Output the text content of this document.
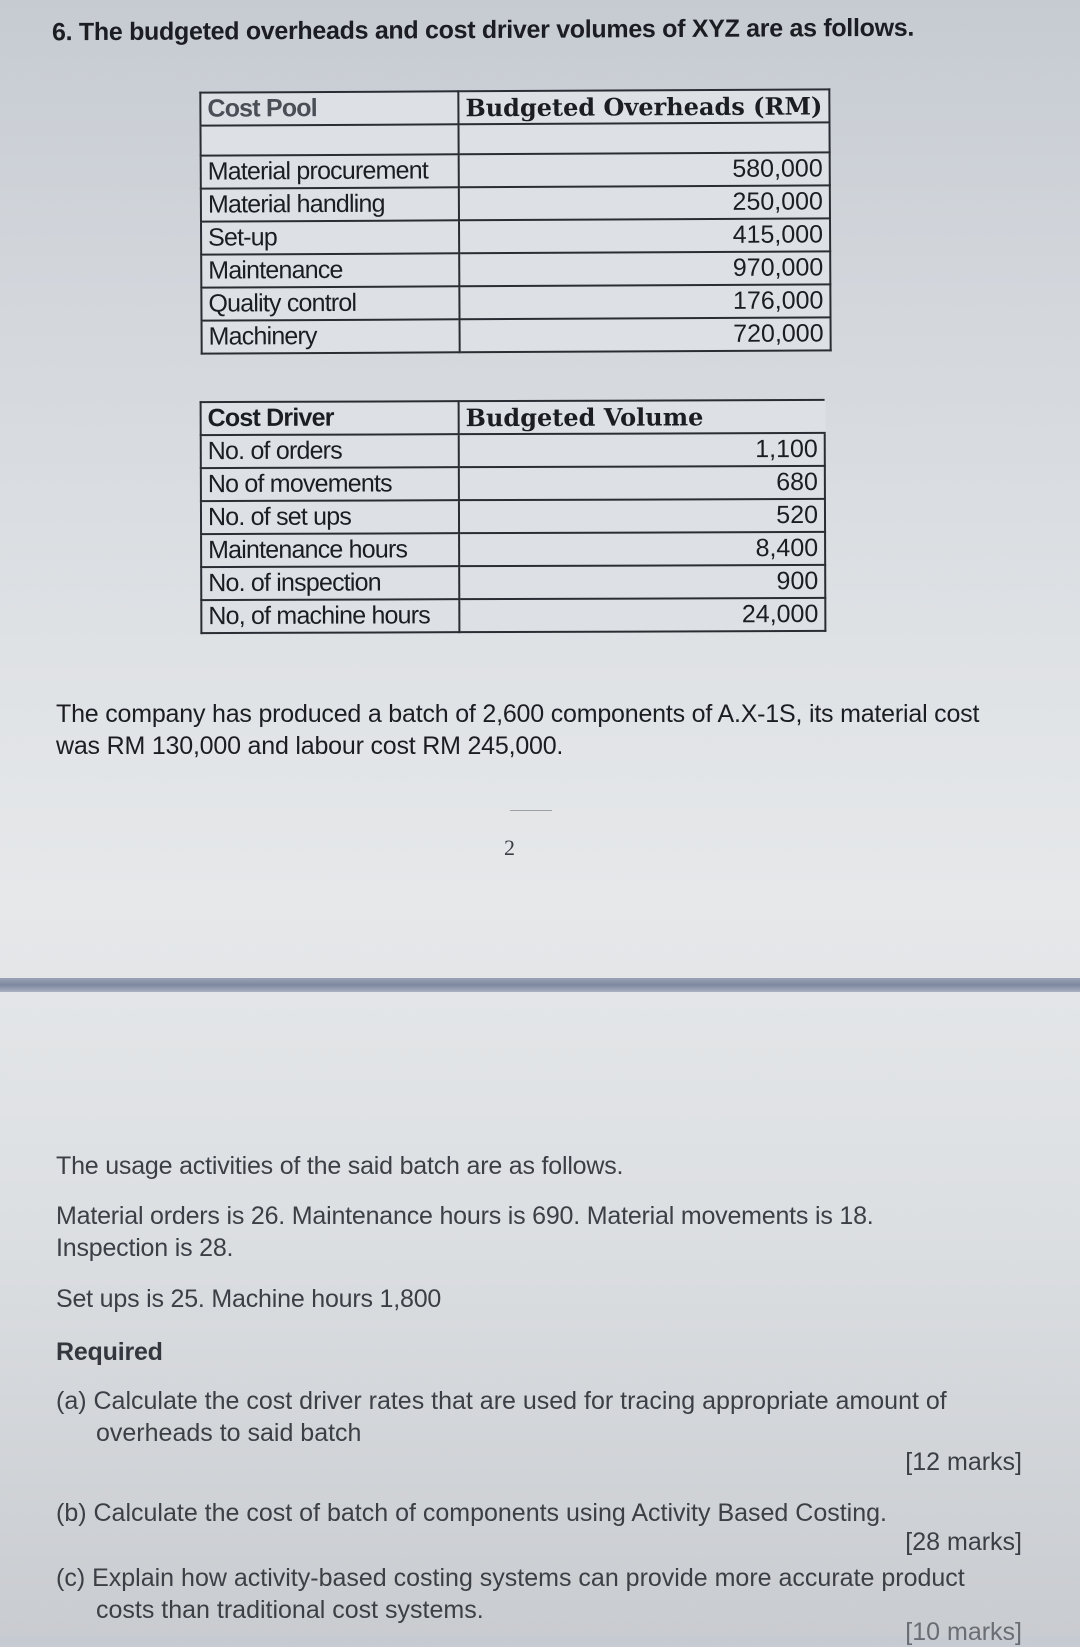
6. The budgeted overheads and cost driver volumes of XYZ are as follows.
Cost Pool	Budgeted Overheads (RM)

Material procurement	580,000
Material handling	250,000
Set-up	415,000
Maintenance	970,000
Quality control	176,000
Machinery	720,000
Cost Driver	Budgeted Volume
No. of orders	1,100
No of movements	680
No. of set ups	520
Maintenance hours	8,400
No. of inspection	900
No, of machine hours	24,000
The company has produced a batch of 2,600 components of A.X-1S, its material cost was RM 130,000 and labour cost RM 245,000.
2
The usage activities of the said batch are as follows.
Material orders is 26. Maintenance hours is 690. Material movements is 18. Inspection is 28.
Set ups is 25. Machine hours 1,800
Required
(a) Calculate the cost driver rates that are used for tracing appropriate amount of overheads to said batch
[12 marks]
(b) Calculate the cost of batch of components using Activity Based Costing.
[28 marks]
(c) Explain how activity-based costing systems can provide more accurate product costs than traditional cost systems.
[10 marks]
